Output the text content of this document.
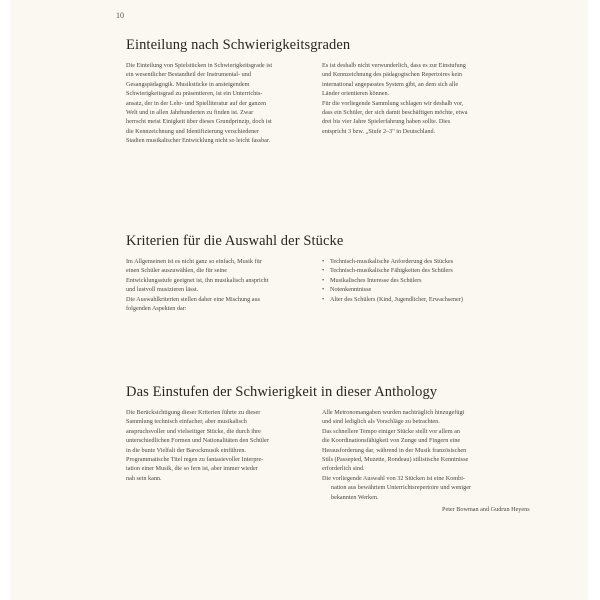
10
Einteilung nach Schwierigkeitsgraden
Die Einteilung von Spielstücken in Schwierigkeitsgrade ist
ein wesentlicher Bestandteil der Instrumental- und
Gesangspädagogik. Musikstücke in ansteigendem
Schwierigkeitsgrad zu präsentieren, ist ein Unterrichts-
ansatz, der in der Lehr- und Spielliteratur auf der ganzen
Welt und in allen Jahrhunderten zu finden ist. Zwar
herrscht meist Einigkeit über dieses Grundprinzip, doch ist
die Kennzeichnung und Identifizierung verschiedener
Stadien musikalischer Entwicklung nicht so leicht fassbar.
Es ist deshalb nicht verwunderlich, dass es zur Einstufung
und Kennzeichnung des pädagogischen Repertoires kein
international angepasstes System gibt, an dem sich alle
Länder orientieren können.
Für die vorliegende Sammlung schlagen wir deshalb vor,
dass ein Schüler, der sich damit beschäftigen möchte, etwa
drei bis vier Jahre Spielerfahrung haben sollte. Dies
entspricht 3 bzw. „Stufe 2–3" in Deutschland.
Kriterien für die Auswahl der Stücke
Im Allgemeinen ist es nicht ganz so einfach, Musik für
einen Schüler auszuwählen, die für seine
Entwicklungsstufe geeignet ist, ihn musikalisch anspricht
und lustvoll musizieren lässt.
Die Auswahlkriterien stellen daher eine Mischung aus
folgenden Aspekten dar:
• Technisch-musikalische Anforderung des Stückes
• Technisch-musikalische Fähigkeiten des Schülers
• Musikalisches Interesse des Schülers
• Notenkenntnisse
• Alter des Schülers (Kind, Jugendlicher, Erwachsener)
Das Einstufen der Schwierigkeit in dieser Anthology
Die Berücksichtigung dieser Kriterien führte zu dieser
Sammlung technisch einfacher, aber musikalisch
anspruchsvoller und vielseitiger Stücke, die durch ihre
unterschiedlichen Formen und Nationalitäten den Schüler
in die bunte Vielfalt der Barockmusik einführen.
Programmatische Titel regen zu fantasievoller Interpre-
tation einer Musik, die so fern ist, aber immer wieder
nah sein kann.
Alle Metronomangaben wurden nachträglich hinzugefügt
und sind lediglich als Vorschläge zu betrachten.
Das schnellere Tempo einiger Stücke stellt vor allem an
die Koordinationsfähigkeit von Zunge und Fingern eine
Herausforderung dar, während in der Musik französischen
Stils (Passepied, Muzette, Rondeau) stilistische Kenntnisse
erforderlich sind.
Die vorliegende Auswahl von 32 Stücken ist eine Kombi-
nation aus bewährtem Unterrichtsrepertoire und weniger
bekannten Werken.
Peter Bowman and Gudrun Heyens
